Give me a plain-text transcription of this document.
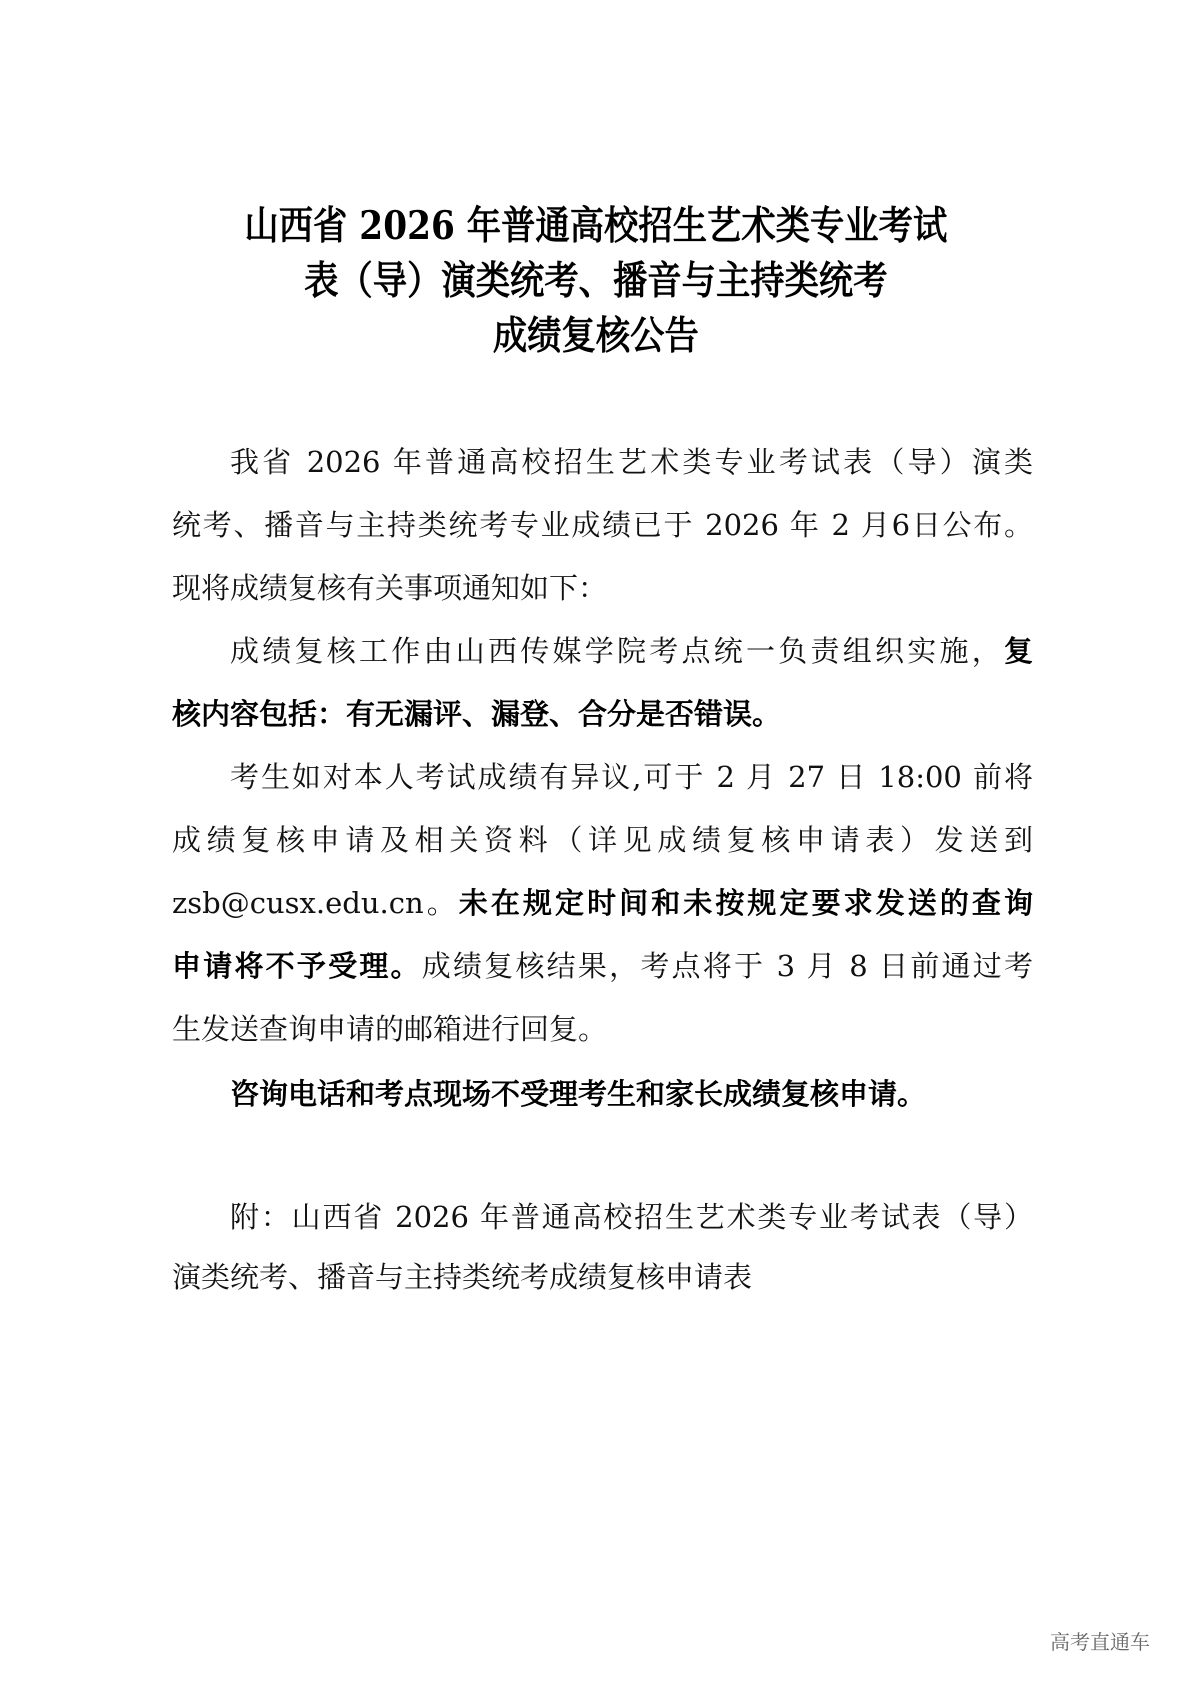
山西省 2026 年普通高校招生艺术类专业考试
表（导）演类统考、播音与主持类统考
成绩复核公告
我省 2026 年普通高校招生艺术类专业考试表（导）演类
统考、播音与主持类统考专业成绩已于 2026 年 2 月6日公布。
现将成绩复核有关事项通知如下：
成绩复核工作由山西传媒学院考点统一负责组织实施，复
核内容包括：有无漏评、漏登、合分是否错误。
考生如对本人考试成绩有异议,可于 2 月 27 日 18:00 前将
成绩复核申请及相关资料（详见成绩复核申请表）发送到
zsb@cusx.edu.cn。未在规定时间和未按规定要求发送的查询
申请将不予受理。成绩复核结果，考点将于 3 月 8 日前通过考
生发送查询申请的邮箱进行回复。
咨询电话和考点现场不受理考生和家长成绩复核申请。
附：山西省 2026 年普通高校招生艺术类专业考试表（导）
演类统考、播音与主持类统考成绩复核申请表
高考直通车
